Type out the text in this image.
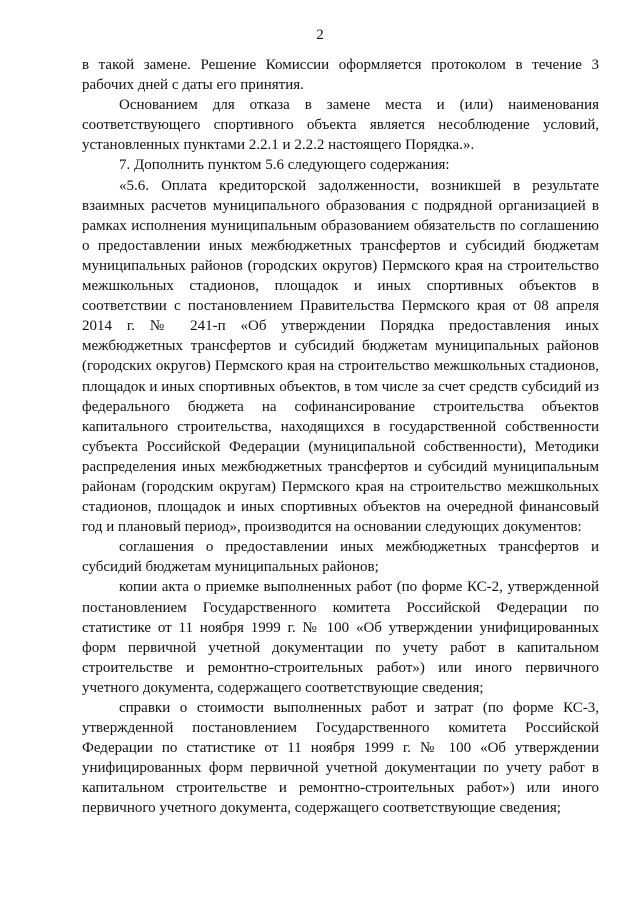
2

в такой замене. Решение Комиссии оформляется протоколом в течение 3 рабочих дней с даты его принятия.

Основанием для отказа в замене места и (или) наименования соответствующего спортивного объекта является несоблюдение условий, установленных пунктами 2.2.1 и 2.2.2 настоящего Порядка.».

7. Дополнить пунктом 5.6 следующего содержания:

«5.6. Оплата кредиторской задолженности, возникшей в результате взаимных расчетов муниципального образования с подрядной организацией в рамках исполнения муниципальным образованием обязательств по соглашению о предоставлении иных межбюджетных трансфертов и субсидий бюджетам муниципальных районов (городских округов) Пермского края на строительство межшкольных стадионов, площадок и иных спортивных объектов в соответствии с постановлением Правительства Пермского края от 08 апреля 2014 г. № 241-п «Об утверждении Порядка предоставления иных межбюджетных трансфертов и субсидий бюджетам муниципальных районов (городских округов) Пермского края на строительство межшкольных стадионов, площадок и иных спортивных объектов, в том числе за счет средств субсидий из федерального бюджета на софинансирование строительства объектов капитального строительства, находящихся в государственной собственности субъекта Российской Федерации (муниципальной собственности), Методики распределения иных межбюджетных трансфертов и субсидий муниципальным районам (городским округам) Пермского края на строительство межшкольных стадионов, площадок и иных спортивных объектов на очередной финансовый год и плановый период», производится на основании следующих документов:

соглашения о предоставлении иных межбюджетных трансфертов и субсидий бюджетам муниципальных районов;

копии акта о приемке выполненных работ (по форме КС-2, утвержденной постановлением Государственного комитета Российской Федерации по статистике от 11 ноября 1999 г. № 100 «Об утверждении унифицированных форм первичной учетной документации по учету работ в капитальном строительстве и ремонтно-строительных работ») или иного первичного учетного документа, содержащего соответствующие сведения;

справки о стоимости выполненных работ и затрат (по форме КС-3, утвержденной постановлением Государственного комитета Российской Федерации по статистике от 11 ноября 1999 г. № 100 «Об утверждении унифицированных форм первичной учетной документации по учету работ в капитальном строительстве и ремонтно-строительных работ») или иного первичного учетного документа, содержащего соответствующие сведения;
